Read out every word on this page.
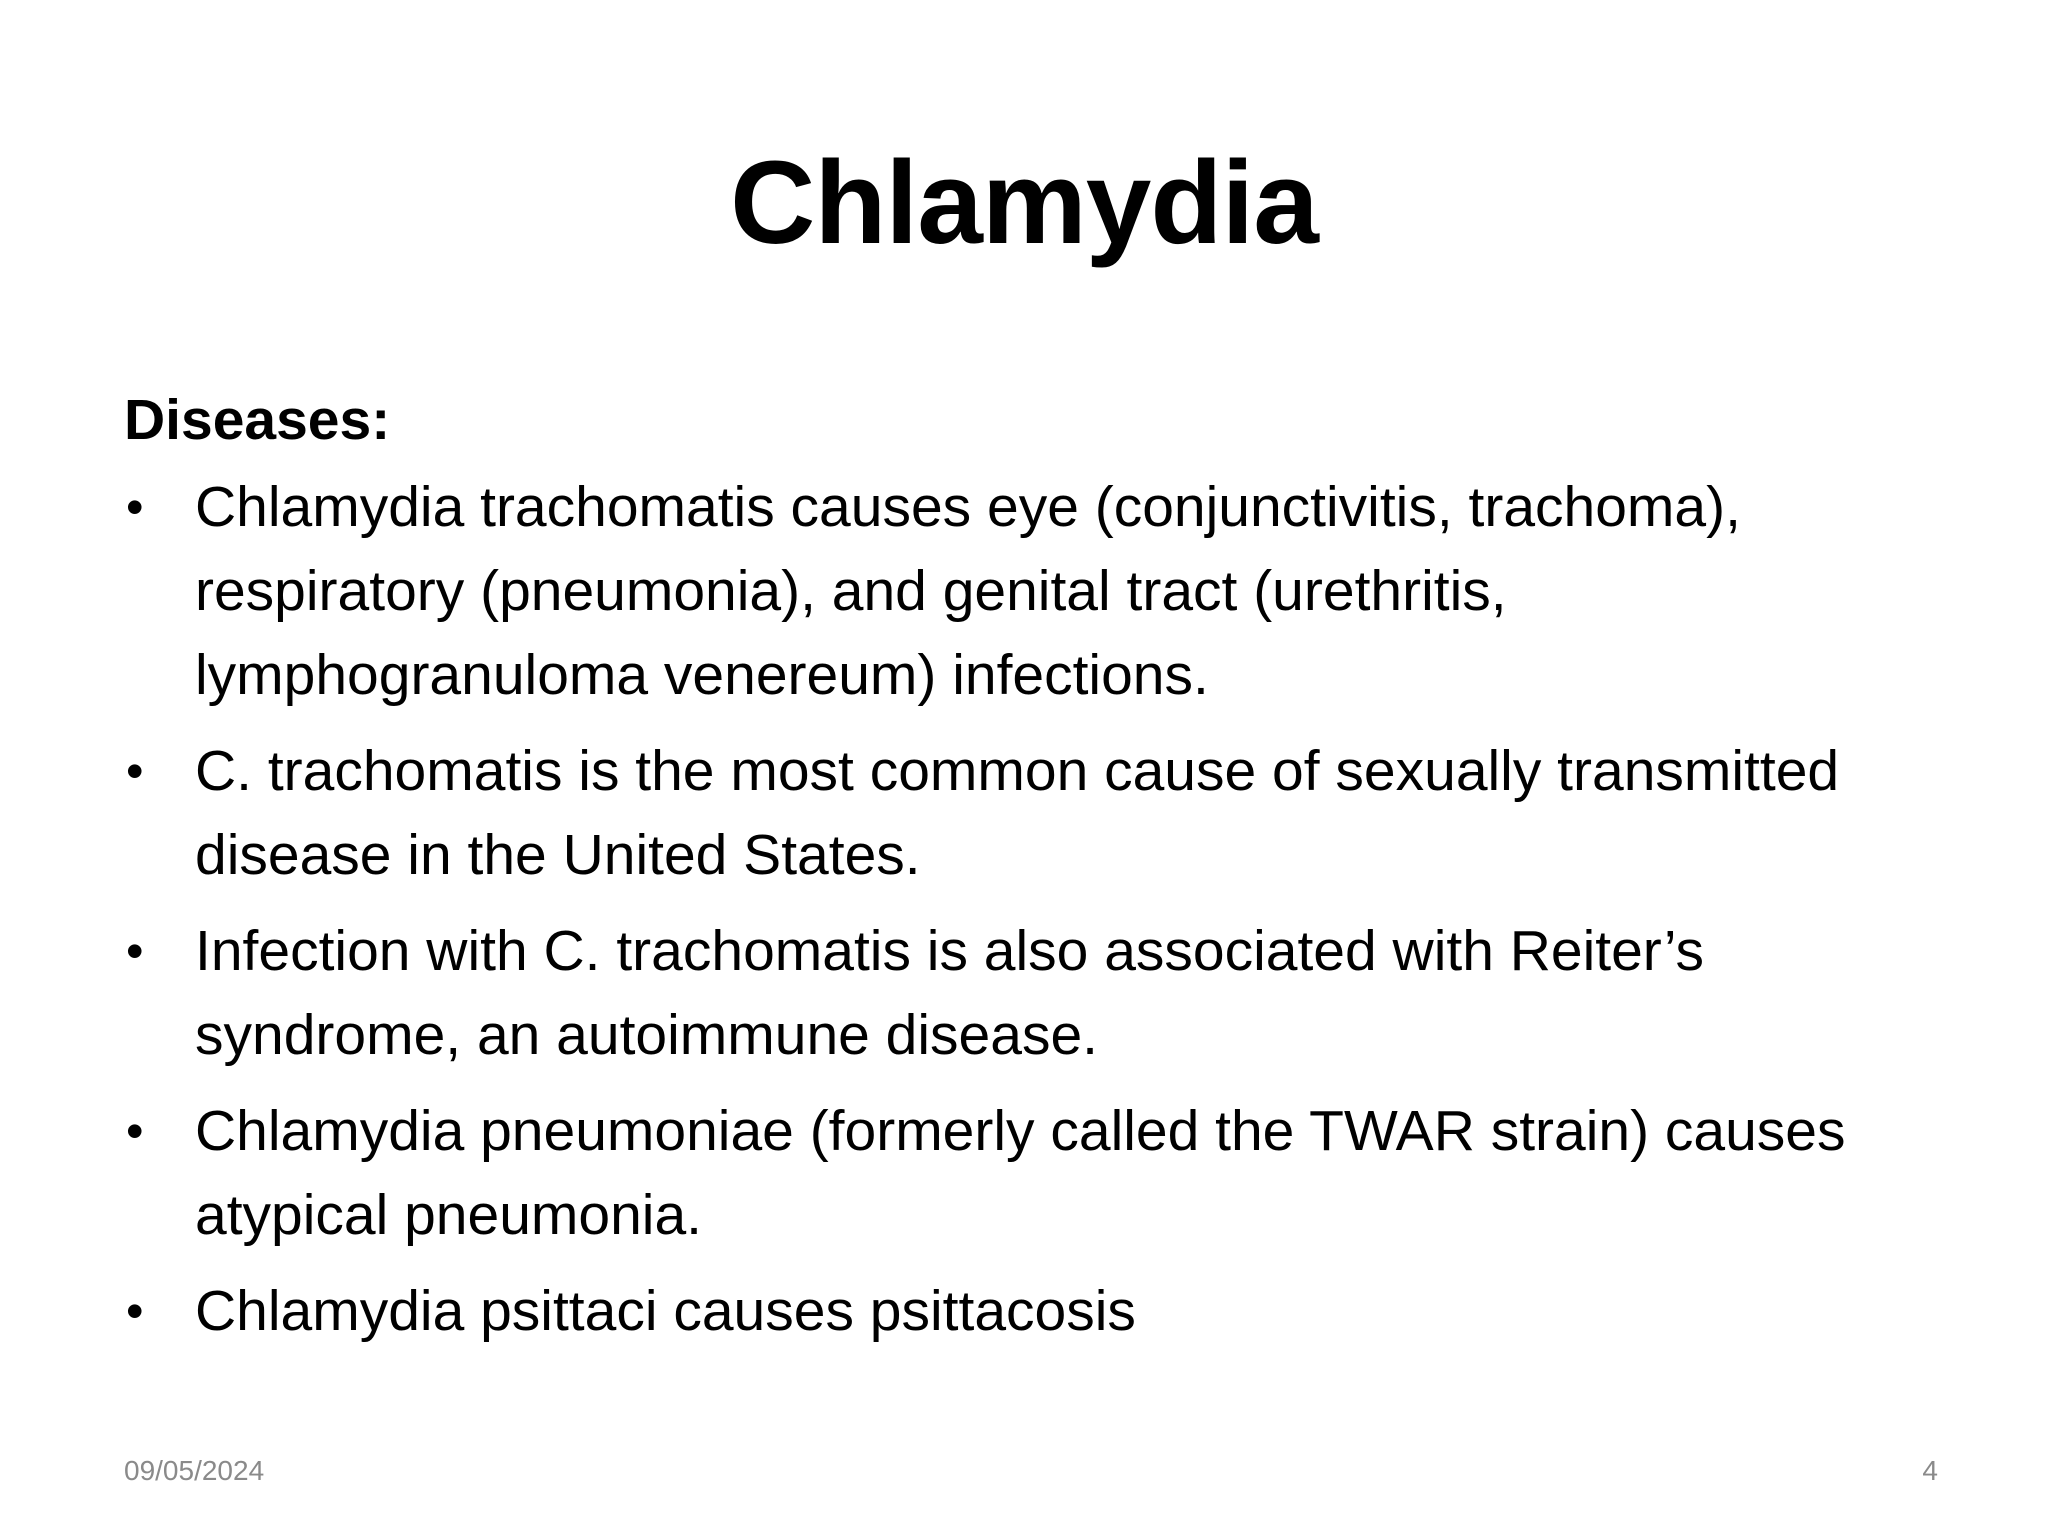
Chlamydia
Diseases:
• Chlamydia trachomatis causes eye (conjunctivitis, trachoma), respiratory (pneumonia), and genital tract (urethritis, lymphogranuloma venereum) infections.
• C. trachomatis is the most common cause of sexually transmitted disease in the United States.
• Infection with C. trachomatis is also associated with Reiter’s syndrome, an autoimmune disease.
• Chlamydia pneumoniae (formerly called the TWAR strain) causes atypical pneumonia.
• Chlamydia psittaci causes psittacosis
09/05/2024	4
